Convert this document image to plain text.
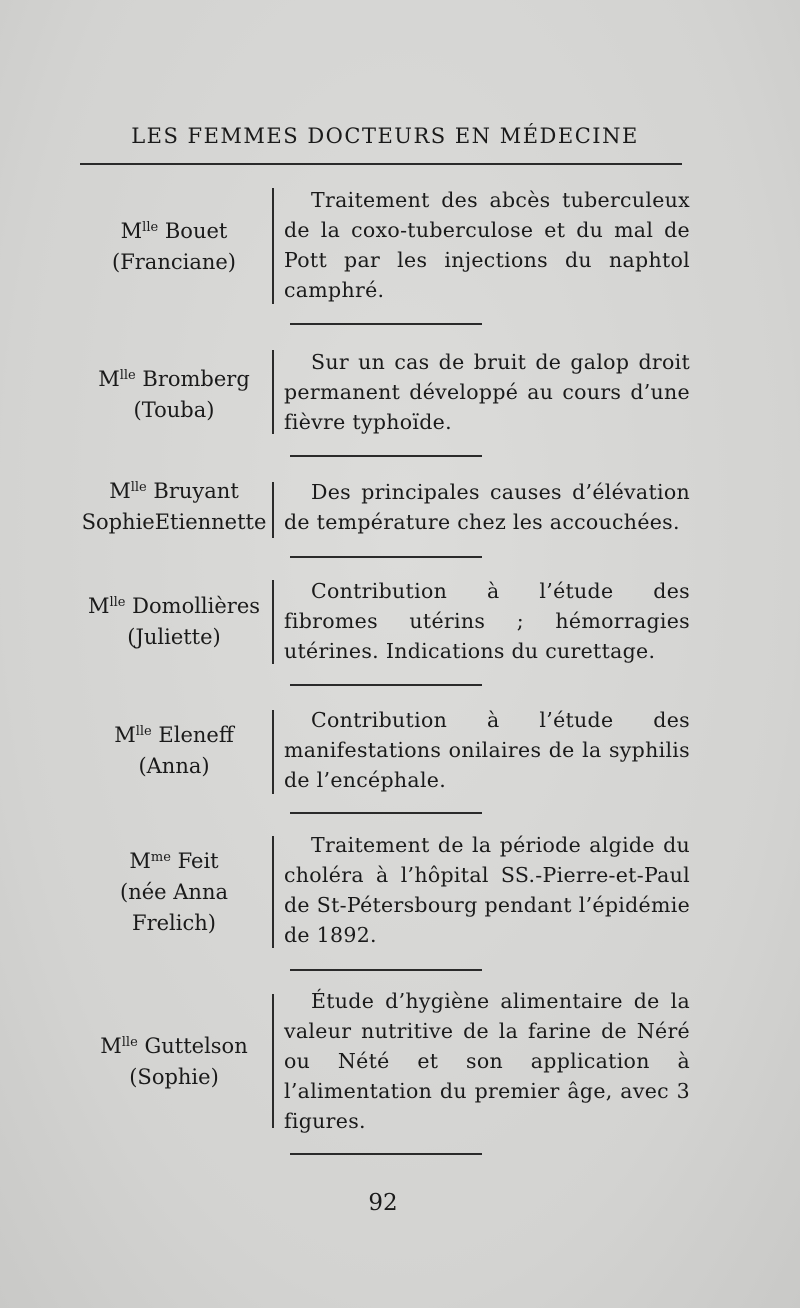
LES FEMMES DOCTEURS EN MÉDECINE
$M^{lle}$ Bouet
(Franciane)
Traitement des abcès tuberculeux de la coxo-tuberculose et du mal de Pott par les injections du naphtol camphré.
$M^{lle}$ Bromberg
(Touba)
Sur un cas de bruit de galop droit permanent développé au cours d’une fièvre typhoïde.
$M^{lle}$ Bruyant
SophieEtiennette
Des principales causes d’élévation de température chez les accouchées.
$M^{lle}$ Domollières
(Juliette)
Contribution à l’étude des fibromes utérins ; hémorragies utérines. Indications du curettage.
$M^{lle}$ Eleneff
(Anna)
Contribution à l’étude des manifestations onilaires de la syphilis de l’encéphale.
$M^{me}$ Feit
(née Anna
Frelich)
Traitement de la période algide du choléra à l’hôpital SS.-Pierre-et-Paul de St-Pétersbourg pendant l’épidémie de 1892.
$M^{lle}$ Guttelson
(Sophie)
Étude d’hygiène alimentaire de la valeur nutritive de la farine de Néré ou Nété et son application à l’alimentation du premier âge, avec 3 figures.
92
